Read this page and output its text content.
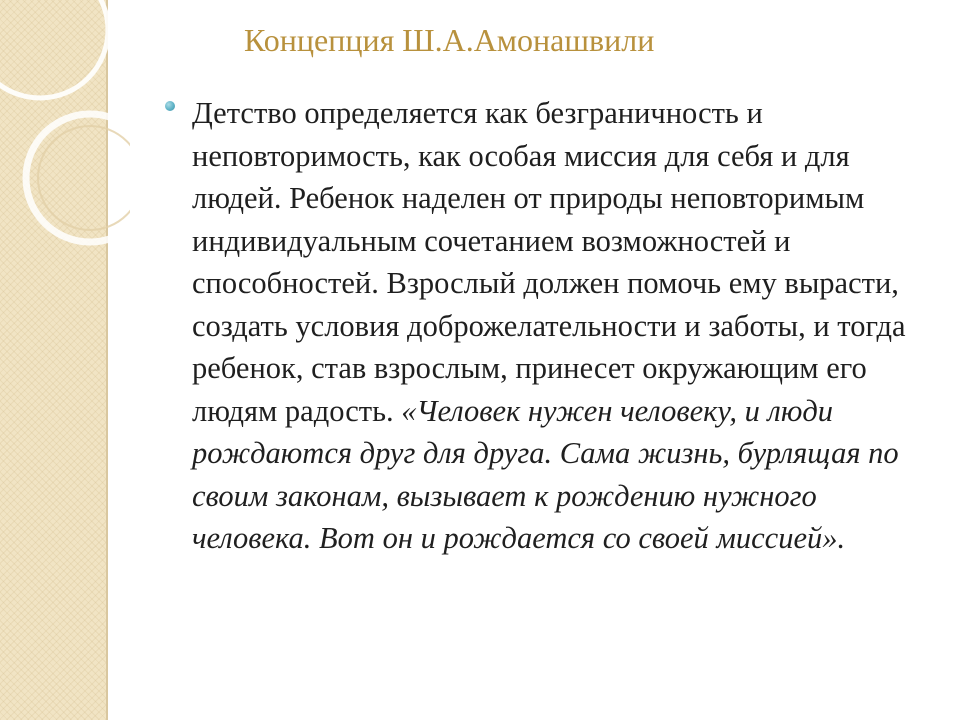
Концепция Ш.А.Амонашвили

Детство определяется как безграничность и неповторимость, как особая миссия для себя и для людей. Ребенок наделен от природы неповторимым индивидуальным сочетанием возможностей и способностей. Взрослый должен помочь ему вырасти, создать условия доброжелательности и заботы, и тогда ребенок, став взрослым, принесет окружающим его людям радость. «Человек нужен человеку, и люди рождаются друг для друга. Сама жизнь, бурлящая по своим законам, вызывает к рождению нужного человека. Вот он и рождается со своей миссией».
